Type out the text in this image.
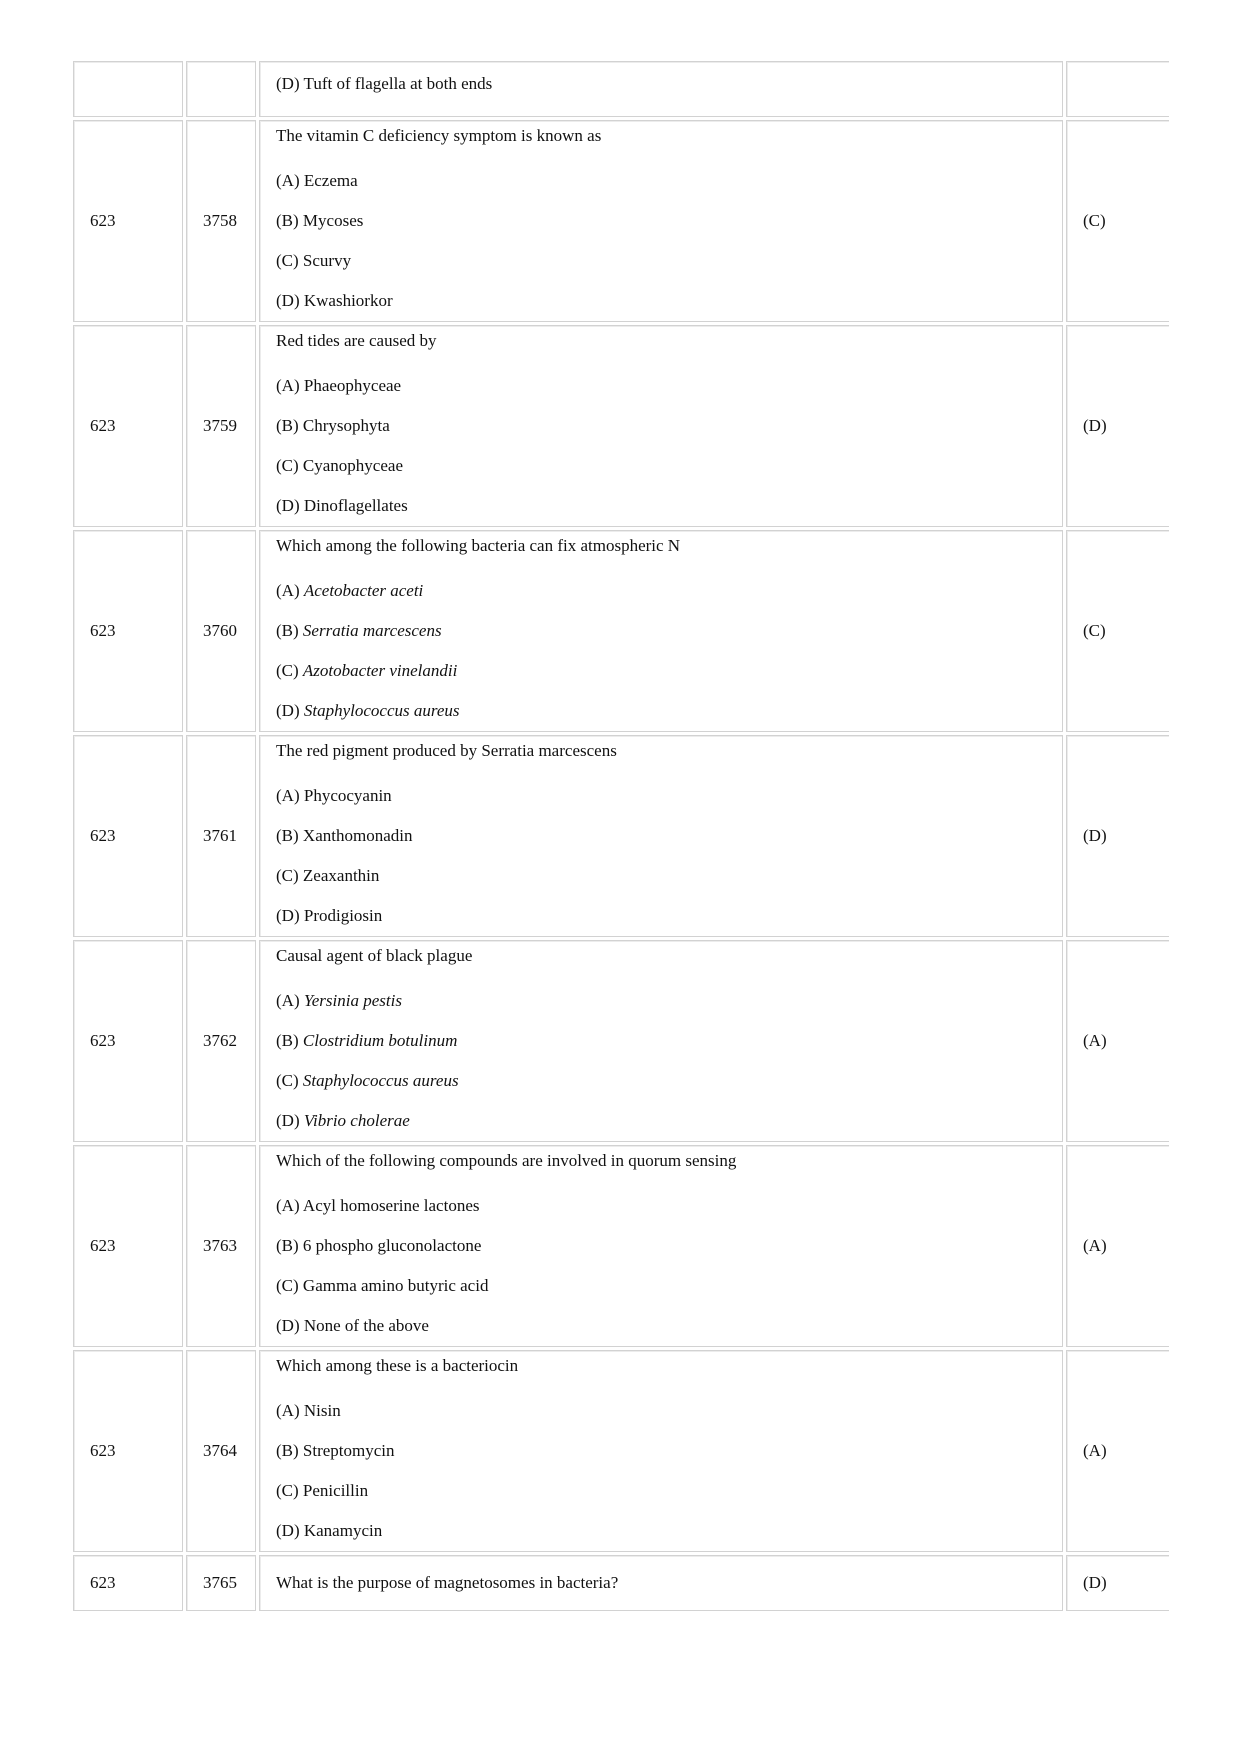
		(D) Tuft of flagella at both ends	

623	3758	The vitamin C deficiency symptom is known as
(A) Eczema
(B) Mycoses
(C) Scurvy
(D) Kwashiorkor	(C)
623	3759	Red tides are caused by
(A) Phaeophyceae
(B) Chrysophyta
(C) Cyanophyceae
(D) Dinoflagellates	(D)
623	3760	Which among the following bacteria can fix atmospheric N
(A) Acetobacter aceti
(B) Serratia marcescens
(C) Azotobacter vinelandii
(D) Staphylococcus aureus	(C)
623	3761	The red pigment produced by Serratia marcescens
(A) Phycocyanin
(B) Xanthomonadin
(C) Zeaxanthin
(D) Prodigiosin	(D)
623	3762	Causal agent of black plague
(A) Yersinia pestis
(B) Clostridium botulinum
(C) Staphylococcus aureus
(D) Vibrio cholerae	(A)
623	3763	Which of the following compounds are involved in quorum sensing
(A) Acyl homoserine lactones
(B) 6 phospho gluconolactone
(C) Gamma amino butyric acid
(D) None of the above	(A)
623	3764	Which among these is a bacteriocin
(A) Nisin
(B) Streptomycin
(C) Penicillin
(D) Kanamycin	(A)
623	3765	What is the purpose of magnetosomes in bacteria?	(D)
